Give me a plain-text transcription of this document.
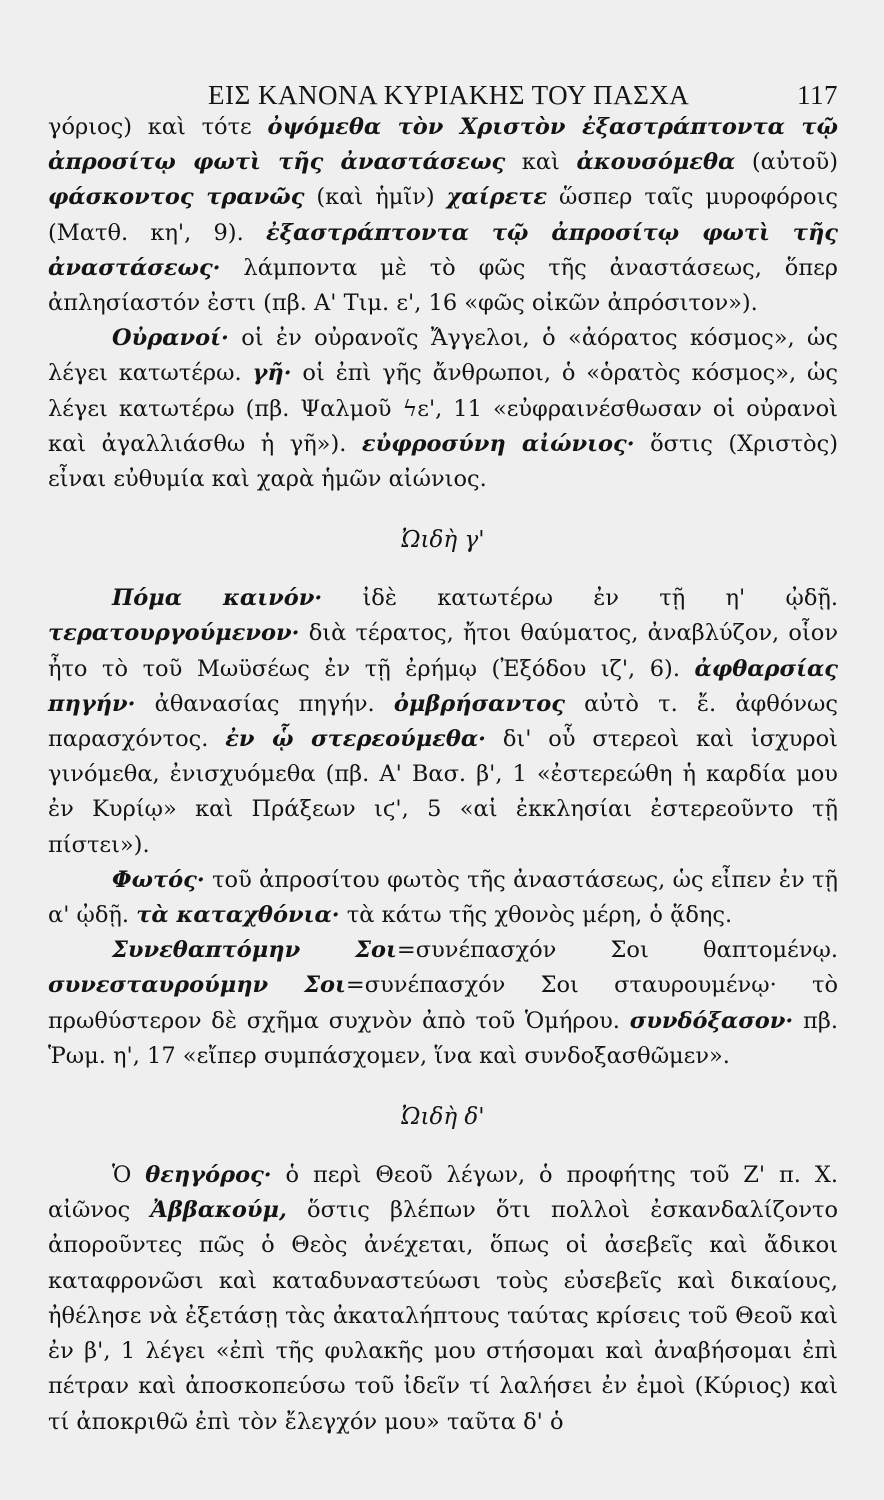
ΕΙΣ ΚΑΝΟΝΑ ΚΥΡΙΑΚΗΣ ΤΟΥ ΠΑΣΧΑ	117

γόριος) καὶ τότε ὀψόμεθα τὸν Χριστὸν ἐξαστράπτοντα τῷ ἀπροσίτῳ φωτὶ τῆς ἀναστάσεως καὶ ἀκουσόμεθα (αὐτοῦ) φάσκοντος τρανῶς (καὶ ἡμῖν) χαίρετε ὥσπερ ταῖς μυροφόροις (Ματθ. κη', 9). ἐξαστράπτοντα τῷ ἀπροσίτῳ φωτὶ τῆς ἀναστάσεως· λάμποντα μὲ τὸ φῶς τῆς ἀναστάσεως, ὅπερ ἀπλησίαστόν ἐστι (πβ. Α' Τιμ. ε', 16 «φῶς οἰκῶν ἀπρόσιτον»).

Οὐρανοί· οἱ ἐν οὐρανοῖς Ἄγγελοι, ὁ «ἀόρατος κόσμος», ὡς λέγει κατωτέρω. γῆ· οἱ ἐπὶ γῆς ἄνθρωποι, ὁ «ὁρατὸς κόσμος», ὡς λέγει κατωτέρω (πβ. Ψαλμοῦ ϟε', 11 «εὐφραινέσθωσαν οἱ οὐρανοὶ καὶ ἀγαλλιάσθω ἡ γῆ»). εὐφροσύνη αἰώνιος· ὅστις (Χριστὸς) εἶναι εὐθυμία καὶ χαρὰ ἡμῶν αἰώνιος.

Ὠιδὴ γ'

Πόμα καινόν· ἰδὲ κατωτέρω ἐν τῇ η' ᾠδῇ. τερατουργούμενον· διὰ τέρατος, ἤτοι θαύματος, ἀναβλύζον, οἷον ἦτο τὸ τοῦ Μωϋσέως ἐν τῇ ἐρήμῳ (Ἐξόδου ιζ', 6). ἀφθαρσίας πηγήν· ἀθανασίας πηγήν. ὀμβρήσαντος αὐτὸ τ. ἔ. ἀφθόνως παρασχόντος. ἐν ᾧ στερεούμεθα· δι' οὗ στερεοὶ καὶ ἰσχυροὶ γινόμεθα, ἐνισχυόμεθα (πβ. Α' Βασ. β', 1 «ἐστερεώθη ἡ καρδία μου ἐν Κυρίῳ» καὶ Πράξεων ιϛ', 5 «αἱ ἐκκλησίαι ἐστερεοῦντο τῇ πίστει»).

Φωτός· τοῦ ἀπροσίτου φωτὸς τῆς ἀναστάσεως, ὡς εἶπεν ἐν τῇ α' ᾠδῇ. τὰ καταχθόνια· τὰ κάτω τῆς χθονὸς μέρη, ὁ ᾅδης.

Συνεθαπτόμην Σοι=συνέπασχόν Σοι θαπτομένῳ. συνεσταυρούμην Σοι=συνέπασχόν Σοι σταυρουμένῳ· τὸ πρωθύστερον δὲ σχῆμα συχνὸν ἀπὸ τοῦ Ὁμήρου. συνδόξασον· πβ. Ῥωμ. η', 17 «εἴπερ συμπάσχομεν, ἵνα καὶ συνδοξασθῶμεν».

Ὠιδὴ δ'

Ὁ θεηγόρος· ὁ περὶ Θεοῦ λέγων, ὁ προφήτης τοῦ Ζ' π. Χ. αἰῶνος Ἀββακούμ, ὅστις βλέπων ὅτι πολλοὶ ἐσκανδαλίζοντο ἀποροῦντες πῶς ὁ Θεὸς ἀνέχεται, ὅπως οἱ ἀσεβεῖς καὶ ἄδικοι καταφρονῶσι καὶ καταδυναστεύωσι τοὺς εὐσεβεῖς καὶ δικαίους, ἠθέλησε νὰ ἐξετάσῃ τὰς ἀκαταλήπτους ταύτας κρίσεις τοῦ Θεοῦ καὶ ἐν β', 1 λέγει «ἐπὶ τῆς φυλακῆς μου στήσομαι καὶ ἀναβήσομαι ἐπὶ πέτραν καὶ ἀποσκοπεύσω τοῦ ἰδεῖν τί λαλήσει ἐν ἐμοὶ (Κύριος) καὶ τί ἀποκριθῶ ἐπὶ τὸν ἔλεγχόν μου» ταῦτα δ' ὁ
